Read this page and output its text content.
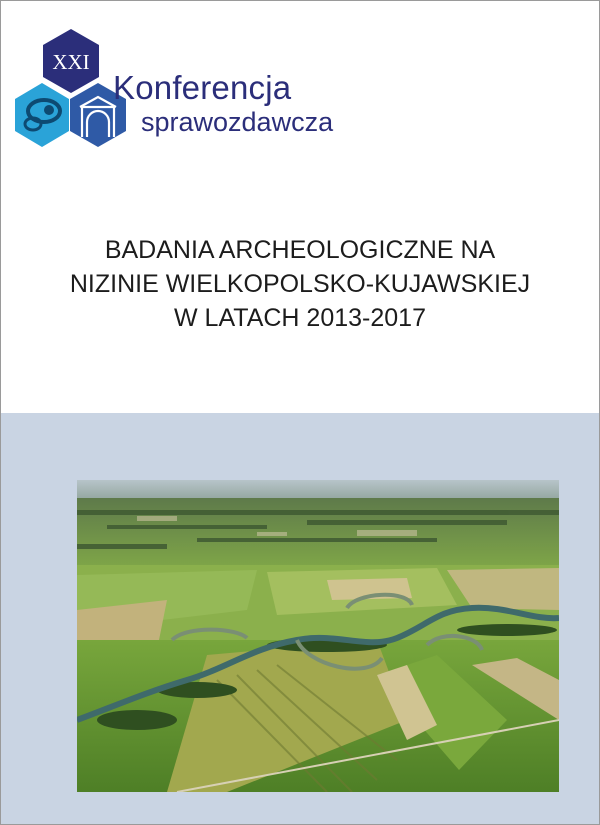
XXI
Konferencja
sprawozdawcza
BADANIA ARCHEOLOGICZNE NA
NIZINIE WIELKOPOLSKO-KUJAWSKIEJ
W LATACH 2013-2017
